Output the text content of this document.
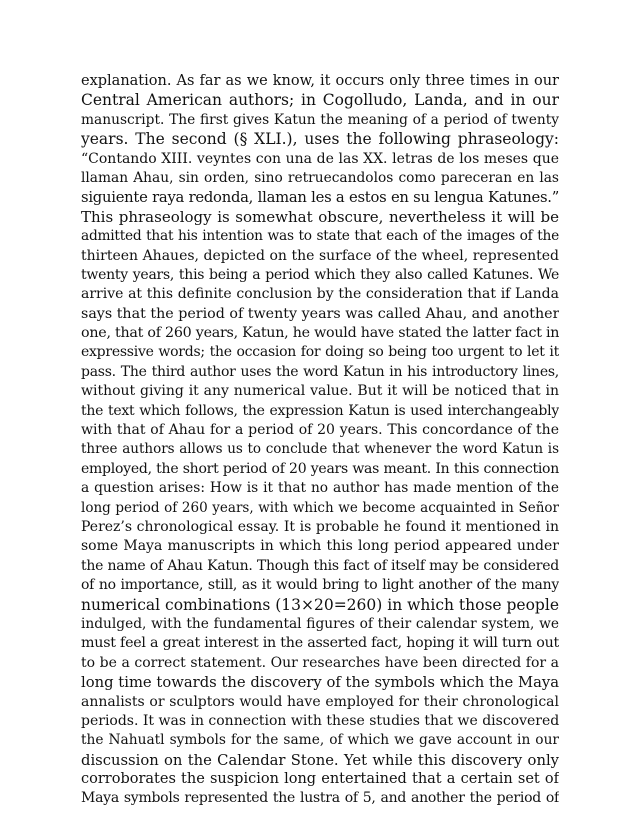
explanation. As far as we know, it occurs only three times in our
Central American authors; in Cogolludo, Landa, and in our
manuscript. The first gives Katun the meaning of a period of twenty
years. The second (§ XLI.), uses the following phraseology:
“Contando XIII. veyntes con una de las XX. letras de los meses que
llaman Ahau, sin orden, sino retruecandolos como pareceran en las
siguiente raya redonda, llaman les a estos en su lengua Katunes.”
This phraseology is somewhat obscure, nevertheless it will be
admitted that his intention was to state that each of the images of the
thirteen Ahaues, depicted on the surface of the wheel, represented
twenty years, this being a period which they also called Katunes. We
arrive at this definite conclusion by the consideration that if Landa
says that the period of twenty years was called Ahau, and another
one, that of 260 years, Katun, he would have stated the latter fact in
expressive words; the occasion for doing so being too urgent to let it
pass. The third author uses the word Katun in his introductory lines,
without giving it any numerical value. But it will be noticed that in
the text which follows, the expression Katun is used interchangeably
with that of Ahau for a period of 20 years. This concordance of the
three authors allows us to conclude that whenever the word Katun is
employed, the short period of 20 years was meant. In this connection
a question arises: How is it that no author has made mention of the
long period of 260 years, with which we become acquainted in Señor
Perez’s chronological essay. It is probable he found it mentioned in
some Maya manuscripts in which this long period appeared under
the name of Ahau Katun. Though this fact of itself may be considered
of no importance, still, as it would bring to light another of the many
numerical combinations (13×20=260) in which those people
indulged, with the fundamental figures of their calendar system, we
must feel a great interest in the asserted fact, hoping it will turn out
to be a correct statement. Our researches have been directed for a
long time towards the discovery of the symbols which the Maya
annalists or sculptors would have employed for their chronological
periods. It was in connection with these studies that we discovered
the Nahuatl symbols for the same, of which we gave account in our
discussion on the Calendar Stone. Yet while this discovery only
corroborates the suspicion long entertained that a certain set of
Maya symbols represented the lustra of 5, and another the period of
